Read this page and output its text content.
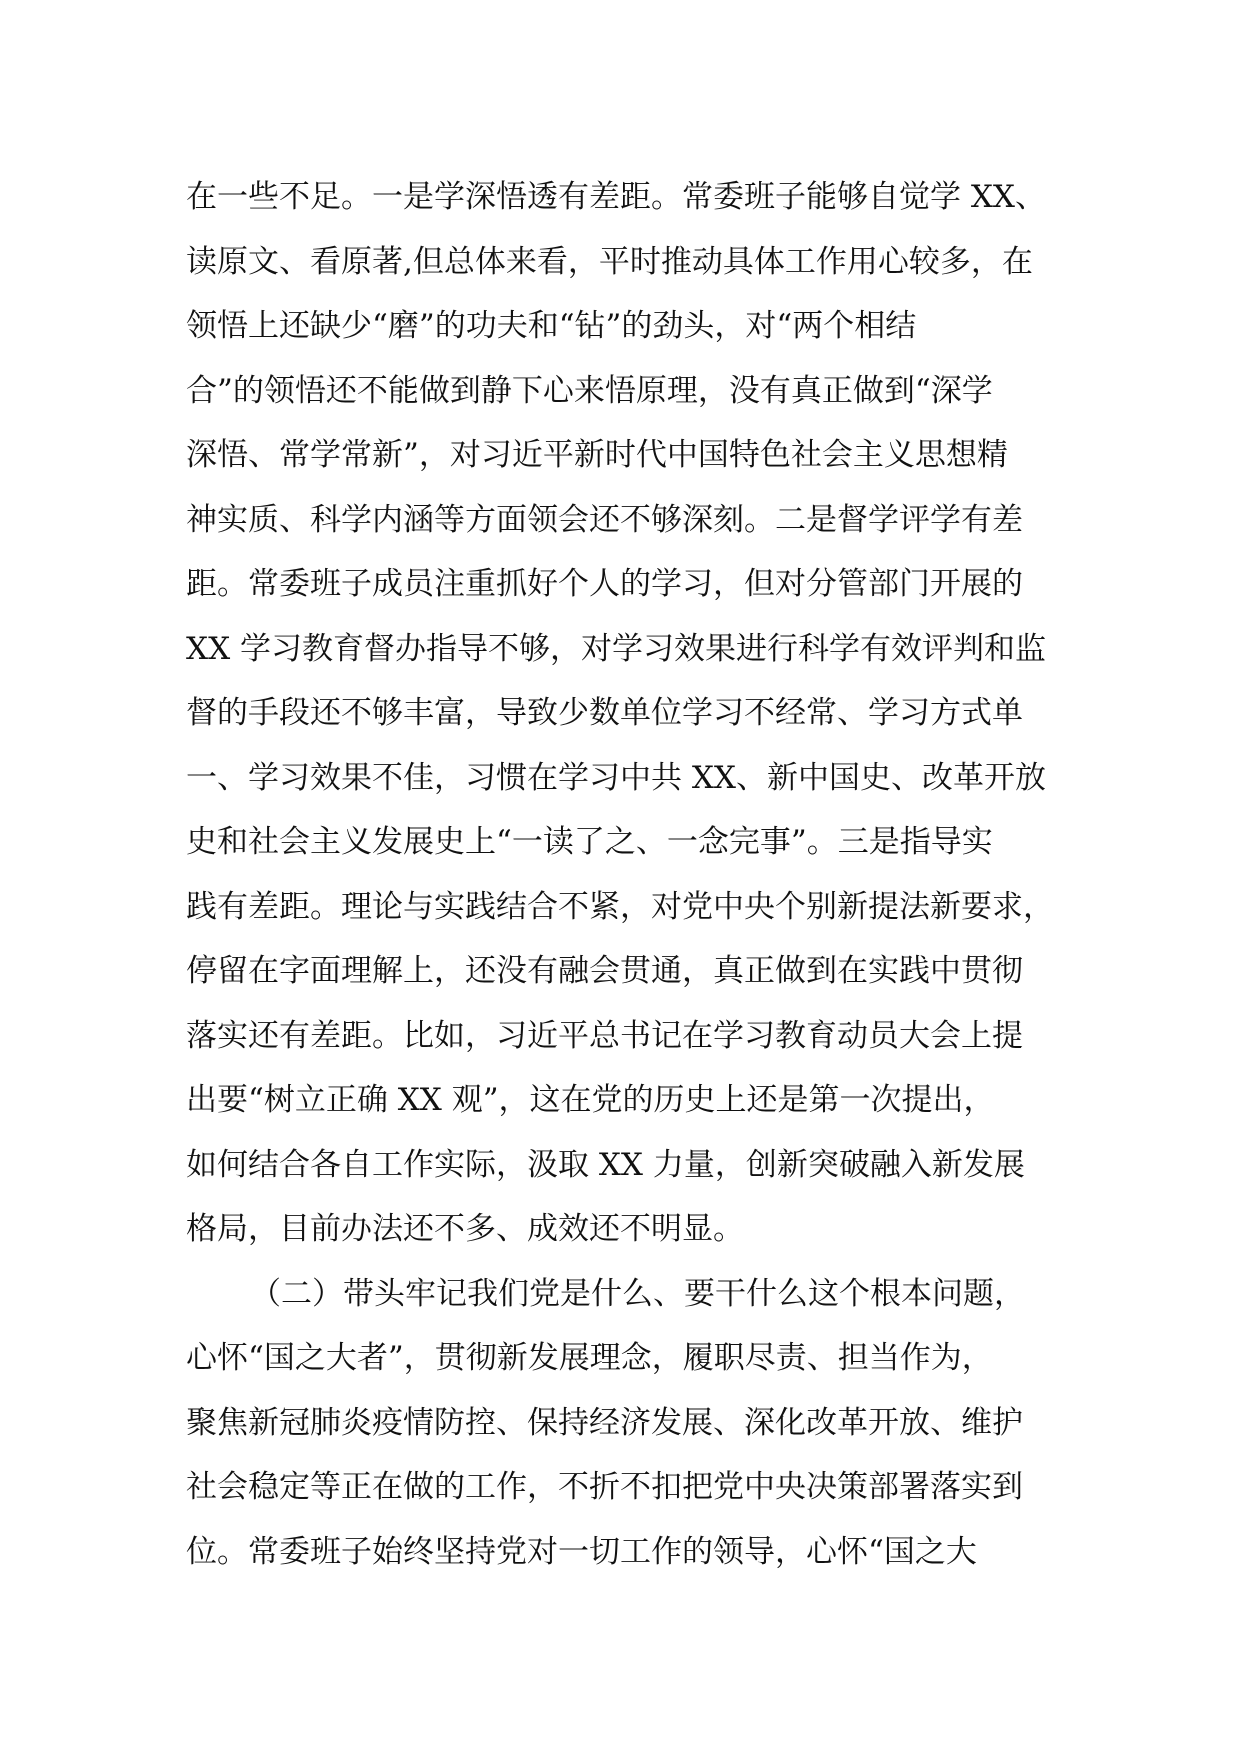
在一些不足。一是学深悟透有差距。常委班子能够自觉学 XX、
读原文、看原著,但总体来看，平时推动具体工作用心较多，在
领悟上还缺少“磨”的功夫和“钻”的劲头，对“两个相结
合”的领悟还不能做到静下心来悟原理，没有真正做到“深学
深悟、常学常新”，对习近平新时代中国特色社会主义思想精
神实质、科学内涵等方面领会还不够深刻。二是督学评学有差
距。常委班子成员注重抓好个人的学习，但对分管部门开展的
XX 学习教育督办指导不够，对学习效果进行科学有效评判和监
督的手段还不够丰富，导致少数单位学习不经常、学习方式单
一、学习效果不佳，习惯在学习中共 XX、新中国史、改革开放
史和社会主义发展史上“一读了之、一念完事”。三是指导实
践有差距。理论与实践结合不紧，对党中央个别新提法新要求，
停留在字面理解上，还没有融会贯通，真正做到在实践中贯彻
落实还有差距。比如，习近平总书记在学习教育动员大会上提
出要“树立正确 XX 观”，这在党的历史上还是第一次提出，
如何结合各自工作实际，汲取 XX 力量，创新突破融入新发展
格局，目前办法还不多、成效还不明显。
（二）带头牢记我们党是什么、要干什么这个根本问题，
心怀“国之大者”，贯彻新发展理念，履职尽责、担当作为，
聚焦新冠肺炎疫情防控、保持经济发展、深化改革开放、维护
社会稳定等正在做的工作，不折不扣把党中央决策部署落实到
位。常委班子始终坚持党对一切工作的领导，心怀“国之大
